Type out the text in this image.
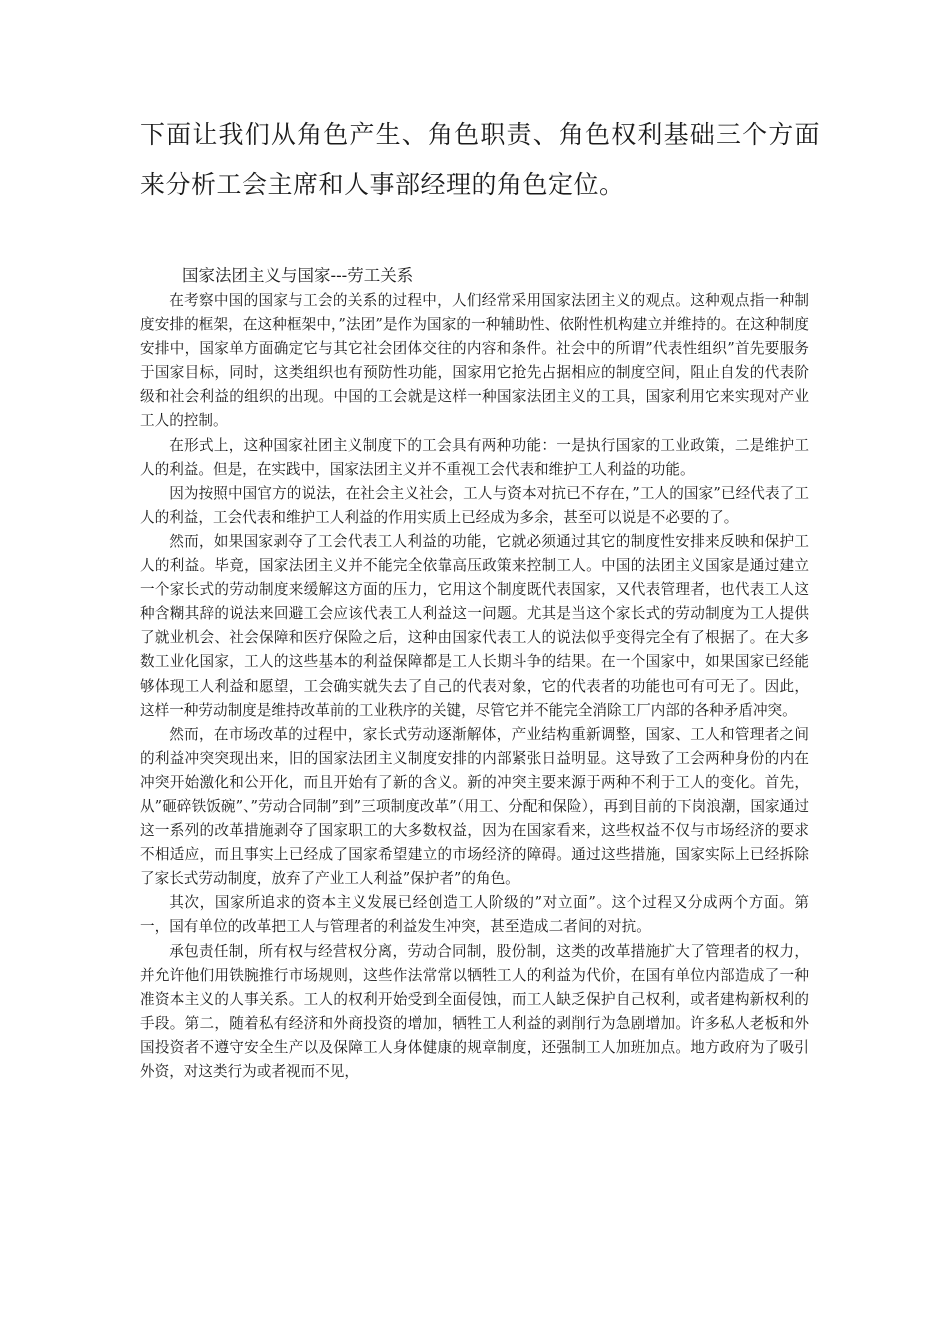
下面让我们从角色产生、角色职责、角色权利基础三个方面来分析工会主席和人事部经理的角色定位。

国家法团主义与国家---劳工关系

在考察中国的国家与工会的关系的过程中，人们经常采用国家法团主义的观点。这种观点指一种制度安排的框架，在这种框架中，”法团”是作为国家的一种辅助性、依附性机构建立并维持的。在这种制度安排中，国家单方面确定它与其它社会团体交往的内容和条件。社会中的所谓”代表性组织”首先要服务于国家目标，同时，这类组织也有预防性功能，国家用它抢先占据相应的制度空间，阻止自发的代表阶级和社会利益的组织的出现。中国的工会就是这样一种国家法团主义的工具，国家利用它来实现对产业工人的控制。

在形式上，这种国家社团主义制度下的工会具有两种功能：一是执行国家的工业政策，二是维护工人的利益。但是，在实践中，国家法团主义并不重视工会代表和维护工人利益的功能。

因为按照中国官方的说法，在社会主义社会，工人与资本对抗已不存在，”工人的国家”已经代表了工人的利益，工会代表和维护工人利益的作用实质上已经成为多余，甚至可以说是不必要的了。

然而，如果国家剥夺了工会代表工人利益的功能，它就必须通过其它的制度性安排来反映和保护工人的利益。毕竟，国家法团主义并不能完全依靠高压政策来控制工人。中国的法团主义国家是通过建立一个家长式的劳动制度来缓解这方面的压力，它用这个制度既代表国家，又代表管理者，也代表工人这种含糊其辞的说法来回避工会应该代表工人利益这一问题。尤其是当这个家长式的劳动制度为工人提供了就业机会、社会保障和医疗保险之后，这种由国家代表工人的说法似乎变得完全有了根据了。在大多数工业化国家，工人的这些基本的利益保障都是工人长期斗争的结果。在一个国家中，如果国家已经能够体现工人利益和愿望，工会确实就失去了自己的代表对象，它的代表者的功能也可有可无了。因此，这样一种劳动制度是维持改革前的工业秩序的关键，尽管它并不能完全消除工厂内部的各种矛盾冲突。

然而，在市场改革的过程中，家长式劳动逐渐解体，产业结构重新调整，国家、工人和管理者之间的利益冲突突现出来，旧的国家法团主义制度安排的内部紧张日益明显。这导致了工会两种身份的内在冲突开始激化和公开化，而且开始有了新的含义。新的冲突主要来源于两种不利于工人的变化。首先，从”砸碎铁饭碗”、”劳动合同制”到”三项制度改革”（用工、分配和保险），再到目前的下岗浪潮，国家通过这一系列的改革措施剥夺了国家职工的大多数权益，因为在国家看来，这些权益不仅与市场经济的要求不相适应，而且事实上已经成了国家希望建立的市场经济的障碍。通过这些措施，国家实际上已经拆除了家长式劳动制度，放弃了产业工人利益”保护者”的角色。

其次，国家所追求的资本主义发展已经创造工人阶级的”对立面”。这个过程又分成两个方面。第一，国有单位的改革把工人与管理者的利益发生冲突，甚至造成二者间的对抗。

承包责任制，所有权与经营权分离，劳动合同制，股份制，这类的改革措施扩大了管理者的权力，并允许他们用铁腕推行市场规则，这些作法常常以牺牲工人的利益为代价，在国有单位内部造成了一种准资本主义的人事关系。工人的权利开始受到全面侵蚀，而工人缺乏保护自己权利，或者建构新权利的手段。第二，随着私有经济和外商投资的增加，牺牲工人利益的剥削行为急剧增加。许多私人老板和外国投资者不遵守安全生产以及保障工人身体健康的规章制度，还强制工人加班加点。地方政府为了吸引外资，对这类行为或者视而不见，
